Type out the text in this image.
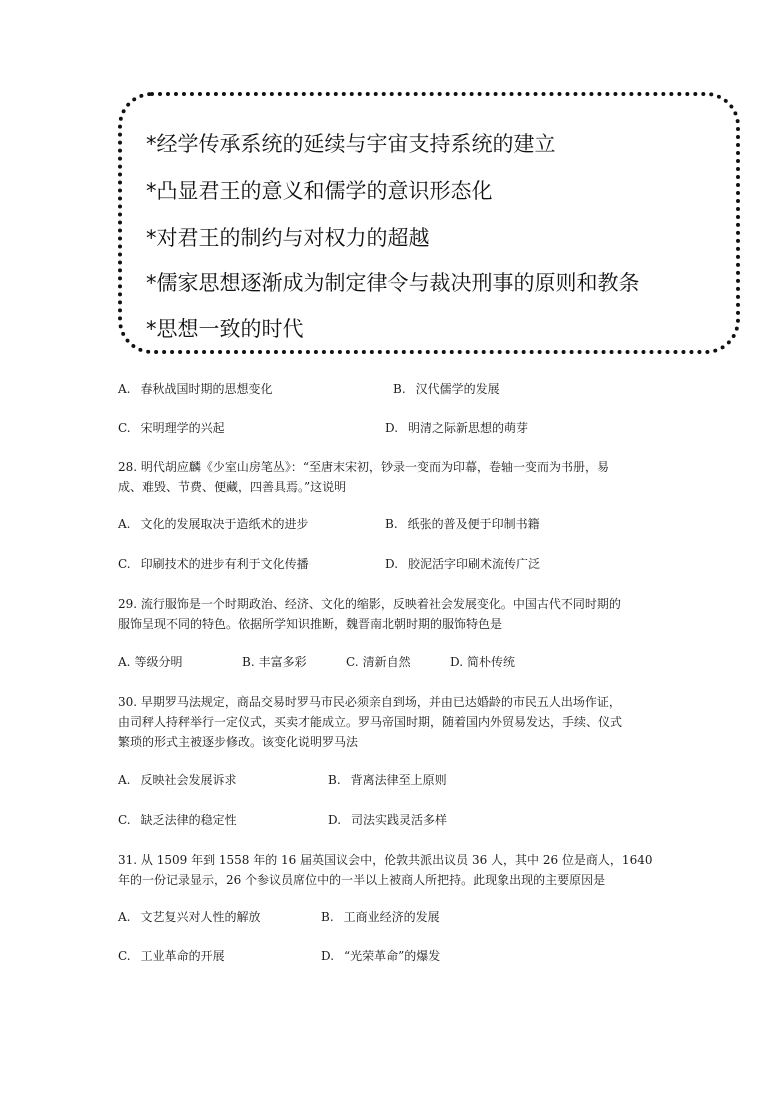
*经学传承系统的延续与宇宙支持系统的建立
*凸显君王的意义和儒学的意识形态化
*对君王的制约与对权力的超越
*儒家思想逐渐成为制定律令与裁决刑事的原则和教条
*思想一致的时代
A. 春秋战国时期的思想变化	B. 汉代儒学的发展
C. 宋明理学的兴起	D. 明清之际新思想的萌芽
28. 明代胡应麟《少室山房笔丛》：“至唐末宋初，钞录一变而为印幕，卷轴一变而为书册，易
成、难毁、节费、便藏，四善具焉。”这说明
A. 文化的发展取决于造纸术的进步	B. 纸张的普及便于印制书籍
C. 印刷技术的进步有利于文化传播	D. 胶泥活字印刷术流传广泛
29. 流行服饰是一个时期政治、经济、文化的缩影，反映着社会发展变化。中国古代不同时期的
服饰呈现不同的特色。依据所学知识推断，魏晋南北朝时期的服饰特色是
A. 等级分明	B. 丰富多彩	C. 清新自然	D. 简朴传统
30. 早期罗马法规定，商品交易时罗马市民必须亲自到场，并由已达婚龄的市民五人出场作证，
由司秤人持秤举行一定仪式，买卖才能成立。罗马帝国时期，随着国内外贸易发达，手续、仪式
繁琐的形式主被逐步修改。该变化说明罗马法
A. 反映社会发展诉求	B. 背离法律至上原则
C. 缺乏法律的稳定性	D. 司法实践灵活多样
31. 从 1509 年到 1558 年的 16 届英国议会中，伦敦共派出议员 36 人，其中 26 位是商人，1640
年的一份记录显示，26 个参议员席位中的一半以上被商人所把持。此现象出现的主要原因是
A. 文艺复兴对人性的解放	B. 工商业经济的发展
C. 工业革命的开展	D. “光荣革命”的爆发
